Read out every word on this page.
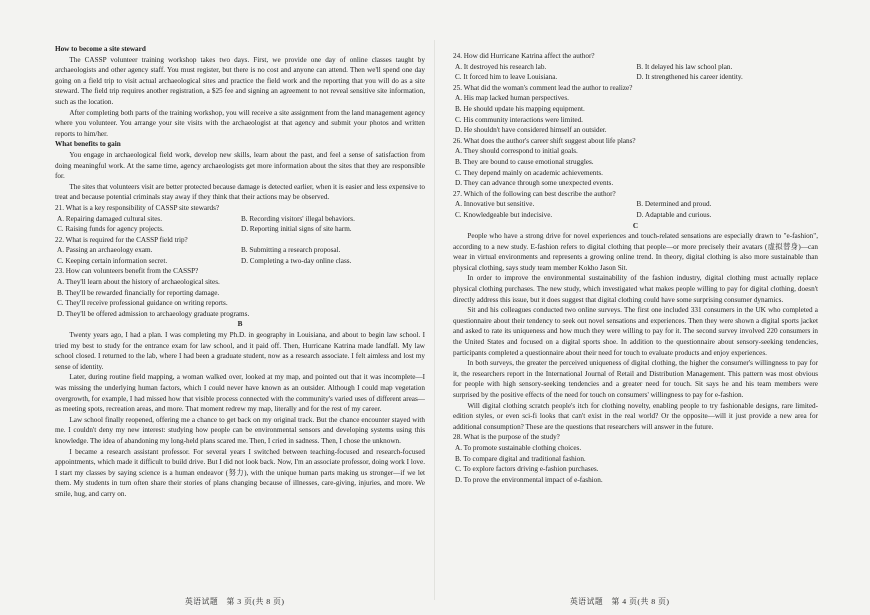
How to become a site steward

The CASSP volunteer training workshop takes two days. First, we provide one day of online classes taught by archaeologists and other agency staff. You must register, but there is no cost and anyone can attend. Then we'll spend one day going on a field trip to visit actual archaeological sites and practice the field work and the reporting that you will do as a site steward. The field trip requires another registration, a $25 fee and signing an agreement to not reveal sensitive site information, such as the location.

After completing both parts of the training workshop, you will receive a site assignment from the land management agency where you volunteer. You arrange your site visits with the archaeologist at that agency and submit your photos and written reports to him/her.

What benefits to gain

You engage in archaeological field work, develop new skills, learn about the past, and feel a sense of satisfaction from doing meaningful work. At the same time, agency archaeologists get more information about the sites that they are responsible for.

The sites that volunteers visit are better protected because damage is detected earlier, when it is easier and less expensive to treat and because potential criminals stay away if they think that their actions may be observed.

21. What is a key responsibility of CASSP site stewards?

A. Repairing damaged cultural sites.	B. Recording visitors' illegal behaviors.
C. Raising funds for agency projects.	D. Reporting initial signs of site harm.

22. What is required for the CASSP field trip?

A. Passing an archaeology exam.	B. Submitting a research proposal.
C. Keeping certain information secret.	D. Completing a two-day online class.

23. How can volunteers benefit from the CASSP?

A. They'll learn about the history of archaeological sites.

B. They'll be rewarded financially for reporting damage.

C. They'll receive professional guidance on writing reports.

D. They'll be offered admission to archaeology graduate programs.

B

Twenty years ago, I had a plan. I was completing my Ph.D. in geography in Louisiana, and about to begin law school. I tried my best to study for the entrance exam for law school, and it paid off. Then, Hurricane Katrina made landfall. My law school closed. I returned to the lab, where I had been a graduate student, now as a research associate. I felt aimless and lost my sense of identity.

Later, during routine field mapping, a woman walked over, looked at my map, and pointed out that it was incomplete—I was missing the underlying human factors, which I could never have known as an outsider. Although I could map vegetation overgrowth, for example, I had missed how that visible process connected with the community's varied uses of different areas—as meeting spots, recreation areas, and more. That moment redrew my map, literally and for the rest of my career.

Law school finally reopened, offering me a chance to get back on my original track. But the chance encounter stayed with me. I couldn't deny my new interest: studying how people can be environmental sensors and developing systems using this knowledge. The idea of abandoning my long-held plans scared me. Then, I cried in sadness. Then, I chose the unknown.

I became a research assistant professor. For several years I switched between teaching-focused and research-focused appointments, which made it difficult to build drive. But I did not look back. Now, I'm an associate professor, doing work I love. I start my classes by saying science is a human endeavor (努力), with the unique human parts making us stronger—if we let them. My students in turn often share their stories of plans changing because of illnesses, care-giving, injuries, and more. We smile, hug, and carry on.

英语试题　第 3 页(共 8 页)

24. How did Hurricane Katrina affect the author?

A. It destroyed his research lab.	B. It delayed his law school plan.
C. It forced him to leave Louisiana.	D. It strengthened his career identity.

25. What did the woman's comment lead the author to realize?

A. His map lacked human perspectives.

B. He should update his mapping equipment.

C. His community interactions were limited.

D. He shouldn't have considered himself an outsider.

26. What does the author's career shift suggest about life plans?

A. They should correspond to initial goals.

B. They are bound to cause emotional struggles.

C. They depend mainly on academic achievements.

D. They can advance through some unexpected events.

27. Which of the following can best describe the author?

A. Innovative but sensitive.	B. Determined and proud.
C. Knowledgeable but indecisive.	D. Adaptable and curious.

C

People who have a strong drive for novel experiences and touch-related sensations are especially drawn to "e-fashion", according to a new study. E-fashion refers to digital clothing that people—or more precisely their avatars (虚拟替身)—can wear in virtual environments and represents a growing online trend. In theory, digital clothing is also more sustainable than physical clothing, says study team member Kokho Jason Sit.

In order to improve the environmental sustainability of the fashion industry, digital clothing must actually replace physical clothing purchases. The new study, which investigated what makes people willing to pay for digital clothing, doesn't directly address this issue, but it does suggest that digital clothing could have some surprising consumer dynamics.

Sit and his colleagues conducted two online surveys. The first one included 331 consumers in the UK who completed a questionnaire about their tendency to seek out novel sensations and experiences. Then they were shown a digital sports jacket and asked to rate its uniqueness and how much they were willing to pay for it. The second survey involved 220 consumers in the United States and focused on a digital sports shoe. In addition to the questionnaire about sensory-seeking tendencies, participants completed a questionnaire about their need for touch to evaluate products and enjoy experiences.

In both surveys, the greater the perceived uniqueness of digital clothing, the higher the consumer's willingness to pay for it, the researchers report in the International Journal of Retail and Distribution Management. This pattern was most obvious for people with high sensory-seeking tendencies and a greater need for touch. Sit says he and his team members were surprised by the positive effects of the need for touch on consumers' willingness to pay for e-fashion.

Will digital clothing scratch people's itch for clothing novelty, enabling people to try fashionable designs, rare limited-edition styles, or even sci-fi looks that can't exist in the real world? Or the opposite—will it just provide a new area for additional consumption? These are the questions that researchers will answer in the future.

28. What is the purpose of the study?

A. To promote sustainable clothing choices.

B. To compare digital and traditional fashion.

C. To explore factors driving e-fashion purchases.

D. To prove the environmental impact of e-fashion.

英语试题　第 4 页(共 8 页)
